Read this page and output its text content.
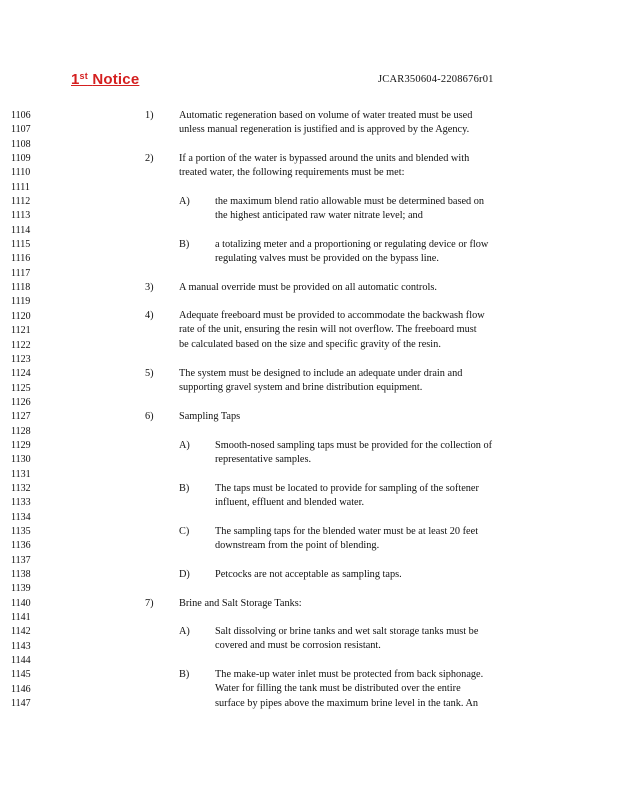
1st Notice	JCAR350604-2208676r01
1106
1107
1108
1109
1110
1111
1112
1113
1114
1115
1116
1117
1118
1119
1120
1121
1122
1123
1124
1125
1126
1127
1128
1129
1130
1131
1132
1133
1134
1135
1136
1137
1138
1139
1140
1141
1142
1143
1144
1145
1146
1147
1) Automatic regeneration based on volume of water treated must be used
unless manual regeneration is justified and is approved by the Agency.
2) If a portion of the water is bypassed around the units and blended with
treated water, the following requirements must be met:
A) the maximum blend ratio allowable must be determined based on
the highest anticipated raw water nitrate level; and
B) a totalizing meter and a proportioning or regulating device or flow
regulating valves must be provided on the bypass line.
3) A manual override must be provided on all automatic controls.
4) Adequate freeboard must be provided to accommodate the backwash flow
rate of the unit, ensuring the resin will not overflow. The freeboard must
be calculated based on the size and specific gravity of the resin.
5) The system must be designed to include an adequate under drain and
supporting gravel system and brine distribution equipment.
6) Sampling Taps
A) Smooth-nosed sampling taps must be provided for the collection of
representative samples.
B) The taps must be located to provide for sampling of the softener
influent, effluent and blended water.
C) The sampling taps for the blended water must be at least 20 feet
downstream from the point of blending.
D) Petcocks are not acceptable as sampling taps.
7) Brine and Salt Storage Tanks:
A) Salt dissolving or brine tanks and wet salt storage tanks must be
covered and must be corrosion resistant.
B) The make-up water inlet must be protected from back siphonage.
Water for filling the tank must be distributed over the entire
surface by pipes above the maximum brine level in the tank. An
